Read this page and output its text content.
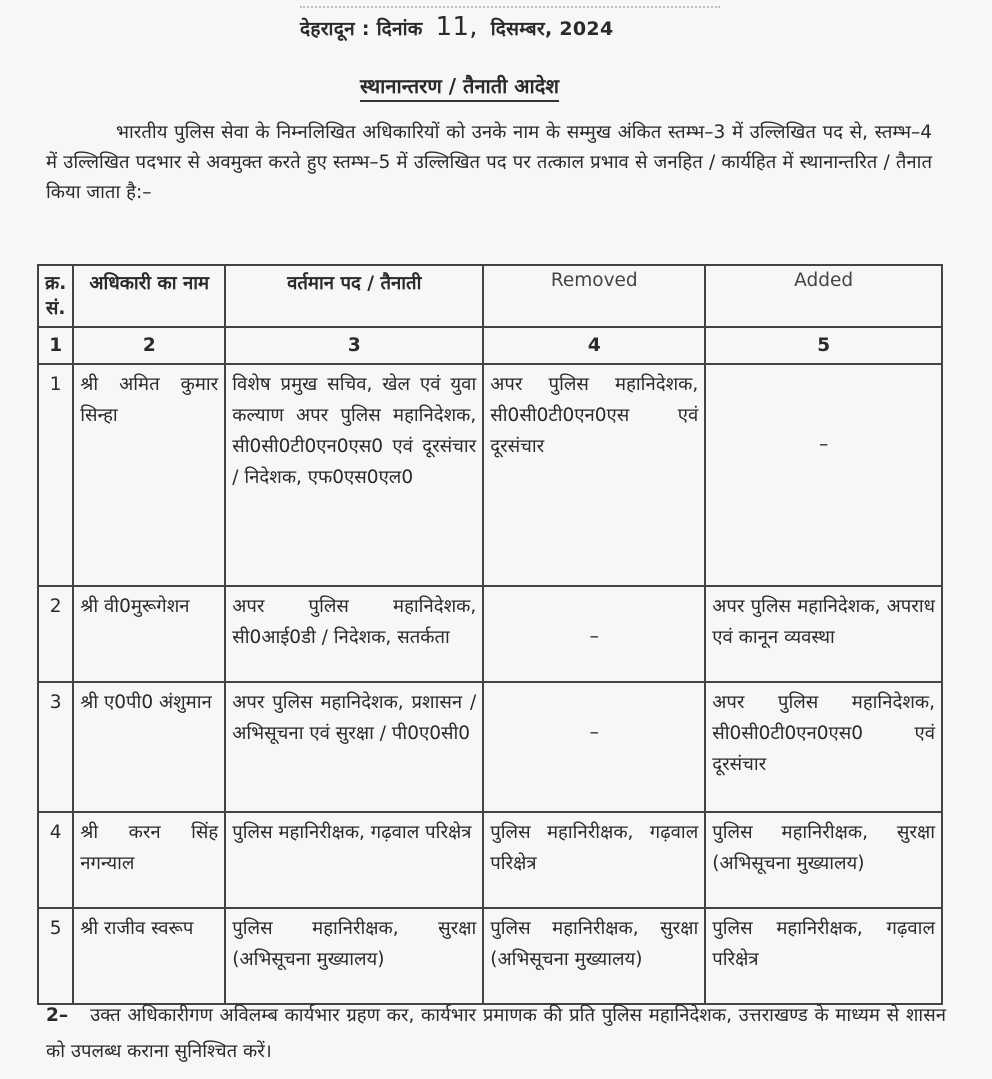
देहरादून : दिनांक 11, दिसम्बर, 2024
स्थानान्तरण / तैनाती आदेश
भारतीय पुलिस सेवा के निम्नलिखित अधिकारियों को उनके नाम के सम्मुख अंकित स्तम्भ–3 में उल्लिखित पद से, स्तम्भ–4 में उल्लिखित पदभार से अवमुक्त करते हुए स्तम्भ–5 में उल्लिखित पद पर तत्काल प्रभाव से जनहित / कार्यहित में स्थानान्तरित / तैनात किया जाता है:–
क्र. सं.	अधिकारी का नाम	वर्तमान पद / तैनाती	Removed	Added
1	2	3	4	5
1	श्री अमित कुमार सिन्हा	विशेष प्रमुख सचिव, खेल एवं युवा कल्याण अपर पुलिस महानिदेशक, सी0सी0टी0एन0एस0 एवं दूरसंचार / निदेशक, एफ0एस0एल0	अपर पुलिस महानिदेशक, सी0सी0टी0एन0एस एवं दूरसंचार	–

2	श्री वी0मुरूगेशन	अपर पुलिस महानिदेशक, सी0आई0डी / निदेशक, सतर्कता	–	अपर पुलिस महानिदेशक, अपराध एवं कानून व्यवस्था
3	श्री ए0पी0 अंशुमान	अपर पुलिस महानिदेशक, प्रशासन / अभिसूचना एवं सुरक्षा / पी0ए0सी0	–	अपर पुलिस महानिदेशक, सी0सी0टी0एन0एस0 एवं दूरसंचार
4	श्री करन सिंह नगन्याल	पुलिस महानिरीक्षक, गढ़वाल परिक्षेत्र	पुलिस महानिरीक्षक, गढ़वाल परिक्षेत्र	पुलिस महानिरीक्षक, सुरक्षा (अभिसूचना मुख्यालय)
5	श्री राजीव स्वरूप	पुलिस महानिरीक्षक, सुरक्षा (अभिसूचना मुख्यालय)	पुलिस महानिरीक्षक, सुरक्षा (अभिसूचना मुख्यालय)	पुलिस महानिरीक्षक, गढ़वाल परिक्षेत्र
2– उक्त अधिकारीगण अविलम्ब कार्यभार ग्रहण कर, कार्यभार प्रमाणक की प्रति पुलिस महानिदेशक, उत्तराखण्ड के माध्यम से शासन को उपलब्ध कराना सुनिश्चित करें।
